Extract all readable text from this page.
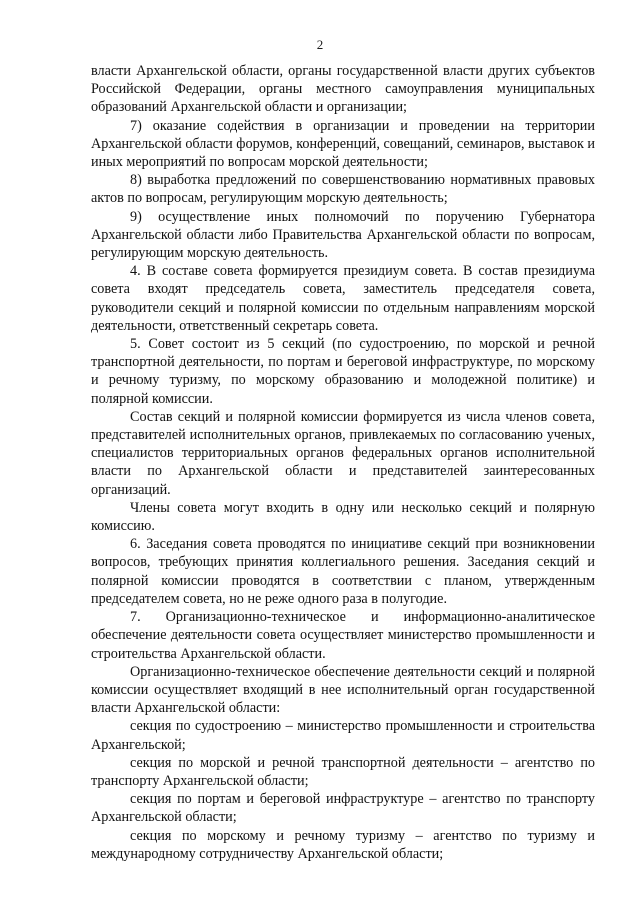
2

власти Архангельской области, органы государственной власти других субъектов Российской Федерации, органы местного самоуправления муниципальных образований Архангельской области и организации;

7) оказание содействия в организации и проведении на территории Архангельской области форумов, конференций, совещаний, семинаров, выставок и иных мероприятий по вопросам морской деятельности;

8) выработка предложений по совершенствованию нормативных правовых актов по вопросам, регулирующим морскую деятельность;

9) осуществление иных полномочий по поручению Губернатора Архангельской области либо Правительства Архангельской области по вопросам, регулирующим морскую деятельность.

4. В составе совета формируется президиум совета. В состав президиума совета входят председатель совета, заместитель председателя совета, руководители секций и полярной комиссии по отдельным направлениям морской деятельности, ответственный секретарь совета.

5. Совет состоит из 5 секций (по судостроению, по морской и речной транспортной деятельности, по портам и береговой инфраструктуре, по морскому и речному туризму, по морскому образованию и молодежной политике) и полярной комиссии.

Состав секций и полярной комиссии формируется из числа членов совета, представителей исполнительных органов, привлекаемых по согласованию ученых, специалистов территориальных органов федеральных органов исполнительной власти по Архангельской области и представителей заинтересованных организаций.

Члены совета могут входить в одну или несколько секций и полярную комиссию.

6. Заседания совета проводятся по инициативе секций при возникновении вопросов, требующих принятия коллегиального решения. Заседания секций и полярной комиссии проводятся в соответствии с планом, утвержденным председателем совета, но не реже одного раза в полугодие.

7. Организационно-техническое и информационно-аналитическое обеспечение деятельности совета осуществляет министерство промышленности и строительства Архангельской области.

Организационно-техническое обеспечение деятельности секций и полярной комиссии осуществляет входящий в нее исполнительный орган государственной власти Архангельской области:

секция по судостроению – министерство промышленности и строительства Архангельской;

секция по морской и речной транспортной деятельности – агентство по транспорту Архангельской области;

секция по портам и береговой инфраструктуре – агентство по транспорту Архангельской области;

секция по морскому и речному туризму – агентство по туризму и международному сотрудничеству Архангельской области;
